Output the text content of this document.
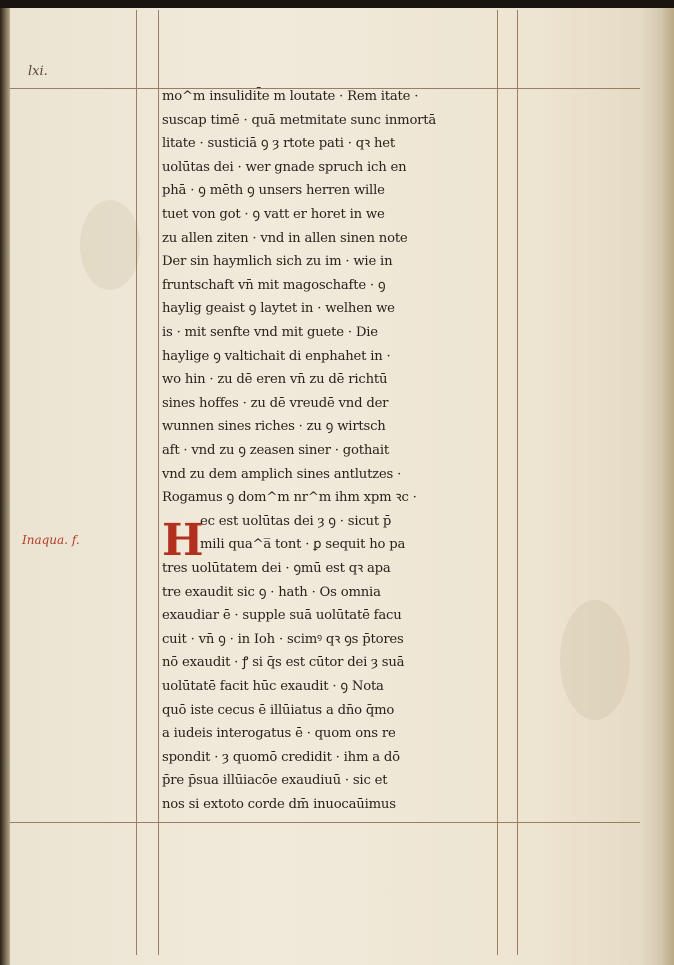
lxi.
Inaqua. f. H
mo^m insulidit̄e m loutate · Rem itate ·
suscap timē · quā metmitate sunc inmortā
litate · susticiā ꝯ ȝ rtote pati · qꝛ het
uolūtas dei · wer gnade spruch ich en
phā · ꝯ mēth ꝯ unsers herren wille
tuet von got · ꝯ vatt er horet in we
zu allen ziten · vnd in allen sinen note
Der sin haymlich sich zu im · wie in
fruntschaft vn̄ mit magoschafte · ꝯ
haylig geaist ꝯ laytet in · welhen we
is · mit senfte vnd mit guete · Die
haylige ꝯ valtichait di enphahet in ·
wo hin · zu dē eren vn̄ zu dē richtū
sines hoffes · zu dē vreudē vnd der
wunnen sines riches · zu ꝯ wirtsch
aft · vnd zu ꝯ zeasen siner · gothait
vnd zu dem amplich sines antlutzes ·
Rogamus ꝯ dom^m nr^m ihm xpm ꝛc ·
ec est uolūtas dei ȝ ꝯ · sicut p̄
mili qua^a̅ tont · ꝑ sequit ho pa
tres uolūtatem dei · ꝯmū est qꝛ apa
tre exaudit sic ꝯ · hath · Os omnia
exaudiar ē · supple suā uolūtatē facu
cuit · vn̄ ꝯ · in Ioh · scimꝰ qꝛ ꝯs p̄tores
nō exaudit · ꝭ si q̄s est cūtor dei ȝ suā
uolūtatē facit hūc exaudit · ꝯ Nota
quō iste cecus ē illūiatus a dn̄o q̄mo
a iudeis interogatus ē · quom ons re
spondit · ȝ quomō credidit · ihm a dō
p̄re p̄sua illūiacōe exaudiuū · sic et
nos si extoto corde dm̄ inuocaūimus
